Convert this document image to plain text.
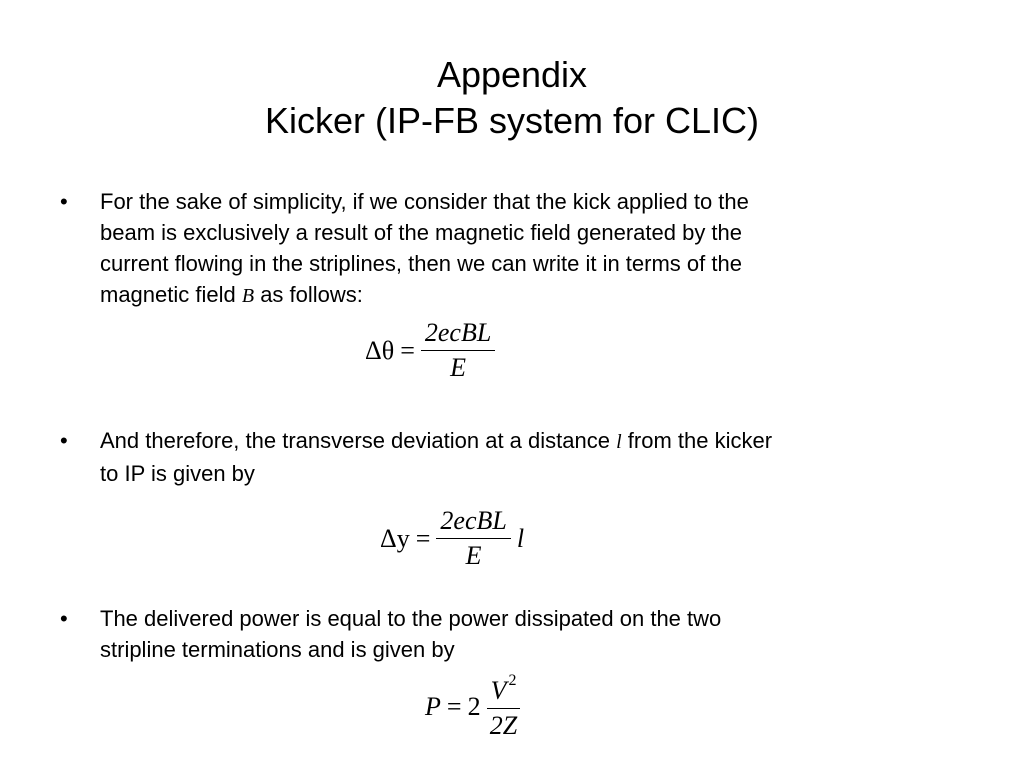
Appendix
Kicker (IP-FB system for CLIC)
• For the sake of simplicity, if we consider that the kick applied to the
beam is exclusively a result of the magnetic field generated by the
current flowing in the striplines, then we can write it in terms of the
magnetic field B as follows:
$\Delta\theta = \frac{\text{2ecBL}}{E}$
• And therefore, the transverse deviation at a distance l from the kicker
to IP is given by
$\Delta y = \frac{\text{2ecBL}}{E}$ l
• The delivered power is equal to the power dissipated on the two
stripline terminations and is given by
$P = 2 \frac{V ^2}{2Z}$
